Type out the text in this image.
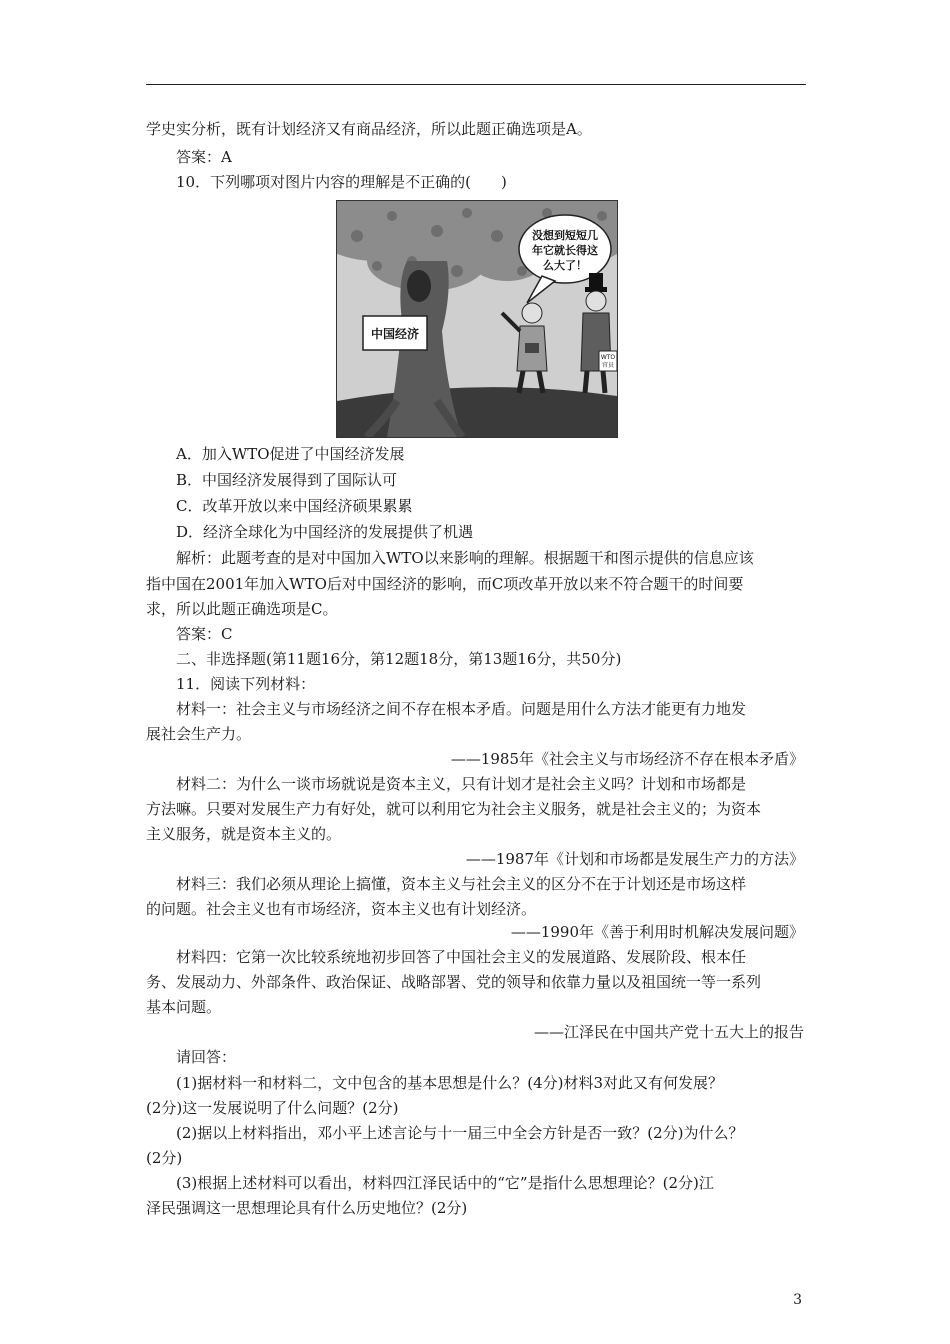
学史实分析，既有计划经济又有商品经济，所以此题正确选项是A。
答案：A
10．下列哪项对图片内容的理解是不正确的(　　)
中国经济
没想到短短几
年它就长得这
么大了！
WTO
官员
A．加入WTO促进了中国经济发展
B．中国经济发展得到了国际认可
C．改革开放以来中国经济硕果累累
D．经济全球化为中国经济的发展提供了机遇
解析：此题考查的是对中国加入WTO以来影响的理解。根据题干和图示提供的信息应该
指中国在2001年加入WTO后对中国经济的影响，而C项改革开放以来不符合题干的时间要
求，所以此题正确选项是C。
答案：C
二、非选择题(第11题16分，第12题18分，第13题16分，共50分)
11．阅读下列材料：
材料一：社会主义与市场经济之间不存在根本矛盾。问题是用什么方法才能更有力地发
展社会生产力。
——1985年《社会主义与市场经济不存在根本矛盾》
材料二：为什么一谈市场就说是资本主义，只有计划才是社会主义吗？计划和市场都是
方法嘛。只要对发展生产力有好处，就可以利用它为社会主义服务，就是社会主义的；为资本
主义服务，就是资本主义的。
——1987年《计划和市场都是发展生产力的方法》
材料三：我们必须从理论上搞懂，资本主义与社会主义的区分不在于计划还是市场这样
的问题。社会主义也有市场经济，资本主义也有计划经济。
——1990年《善于利用时机解决发展问题》
材料四：它第一次比较系统地初步回答了中国社会主义的发展道路、发展阶段、根本任
务、发展动力、外部条件、政治保证、战略部署、党的领导和依靠力量以及祖国统一等一系列
基本问题。
——江泽民在中国共产党十五大上的报告
请回答：
(1)据材料一和材料二，文中包含的基本思想是什么？(4分)材料3对此又有何发展？
(2分)这一发展说明了什么问题？(2分)
(2)据以上材料指出，邓小平上述言论与十一届三中全会方针是否一致？(2分)为什么？
(2分)
(3)根据上述材料可以看出，材料四江泽民话中的“它”是指什么思想理论？(2分)江
泽民强调这一思想理论具有什么历史地位？(2分)
3
